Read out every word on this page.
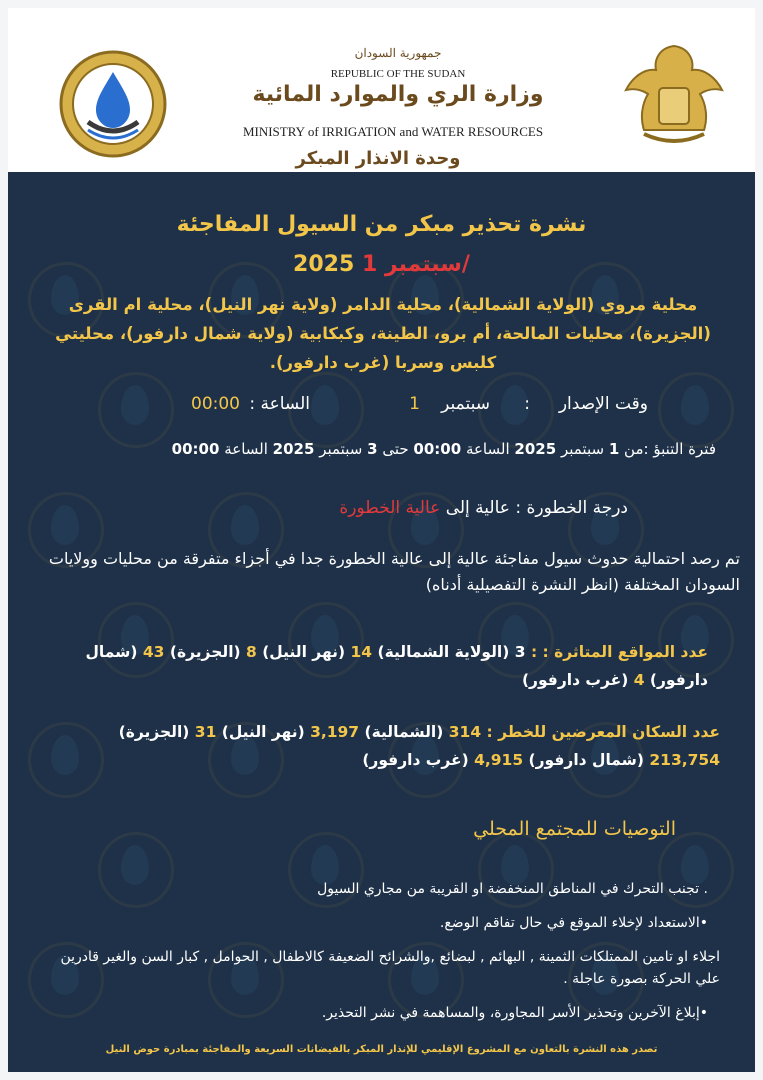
جمهورية السودان
REPUBLIC OF THE SUDAN
وزارة الري والموارد المائية
MINISTRY of IRRIGATION and WATER RESOURCES
وحدة الانذار المبكر
نشرة تحذير مبكر من السيول المفاجئة
2025 سبتمبر 1/
محلية مروي (الولاية الشمالية)، محلية الدامر (ولاية نهر النيل)، محلية ام القرى (الجزيرة)، محليات المالحة، أم برو، الطينة، وكبكابية (ولاية شمال دارفور)، محليتي كلبس وسربا (غرب دارفور).
وقت الإصدار
:
سبتمبر
1
الساعة :
00:00
فترة التنبؤ :من 1 سبتمبر 2025 الساعة 00:00 حتى 3 سبتمبر 2025 الساعة 00:00
درجة الخطورة : عالية إلى عالية الخطورة
تم رصد احتمالية حدوث سيول مفاجئة عالية إلى عالية الخطورة جدا في أجزاء متفرقة من محليات وولايات السودان المختلفة (انظر النشرة التفصيلية أدناه)
عدد المواقع المتاثرة : : 3 (الولاية الشمالية) 14 (نهر النيل) 8 (الجزيرة) 43 (شمال دارفور) 4 (غرب دارفور)
عدد السكان المعرضين للخطر : 314 (الشمالية) 3,197 (نهر النيل) 31 (الجزيرة) 213,754 (شمال دارفور) 4,915 (غرب دارفور)
التوصيات للمجتمع المحلي
. تجنب التحرك في المناطق المنخفضة او القريبة من مجاري السيول
•الاستعداد لإخلاء الموقع في حال تفاقم الوضع.
اجلاء او تامين الممتلكات الثمينة , البهائم , لبضائع ,والشرائح الضعيفة كالاطفال , الحوامل , كبار السن والغير قادرين علي الحركة بصورة عاجلة .
•إبلاغ الآخرين وتحذير الأسر المجاورة، والمساهمة في نشر التحذير.
تصدر هذه النشرة بالتعاون مع المشروع الإقليمي للإنذار المبكر بالفيضانات السريعة والمفاجئة بمبادرة حوض النيل
